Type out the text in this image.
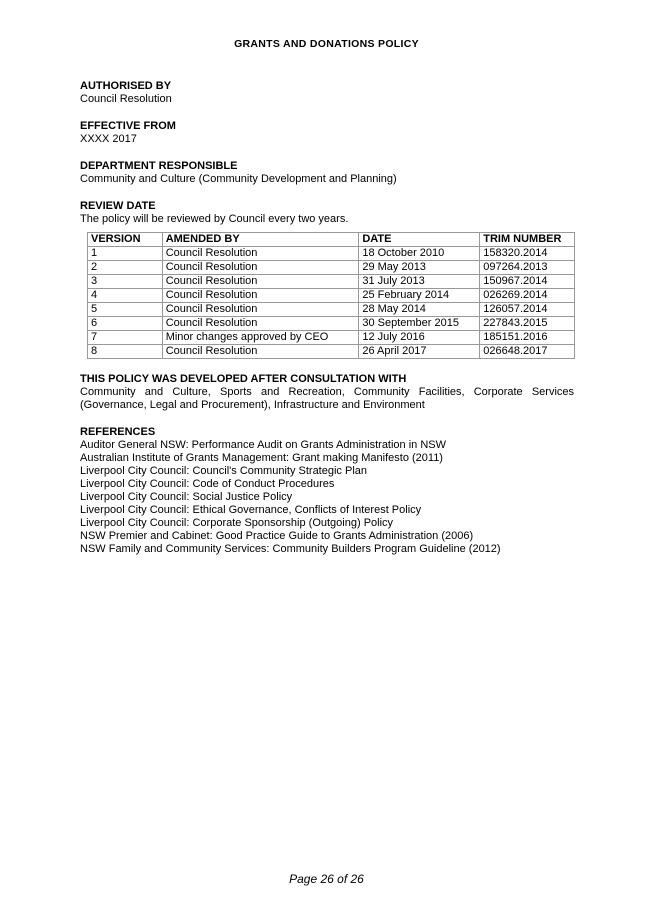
GRANTS AND DONATIONS POLICY
AUTHORISED BY
Council Resolution
EFFECTIVE FROM
XXXX 2017
DEPARTMENT RESPONSIBLE
Community and Culture (Community Development and Planning)
REVIEW DATE
The policy will be reviewed by Council every two years.
VERSION	AMENDED BY	DATE	TRIM NUMBER
1	Council Resolution	18 October 2010	158320.2014
2	Council Resolution	29 May 2013	097264.2013
3	Council Resolution	31 July 2013	150967.2014
4	Council Resolution	25 February 2014	026269.2014
5	Council Resolution	28 May 2014	126057.2014
6	Council Resolution	30 September 2015	227843.2015
7	Minor changes approved by CEO	12 July 2016	185151.2016
8	Council Resolution	26 April 2017	026648.2017
THIS POLICY WAS DEVELOPED AFTER CONSULTATION WITH
Community and Culture, Sports and Recreation, Community Facilities, Corporate Services
(Governance, Legal and Procurement), Infrastructure and Environment
REFERENCES
Auditor General NSW: Performance Audit on Grants Administration in NSW
Australian Institute of Grants Management: Grant making Manifesto (2011)
Liverpool City Council: Council's Community Strategic Plan
Liverpool City Council: Code of Conduct Procedures
Liverpool City Council: Social Justice Policy
Liverpool City Council: Ethical Governance, Conflicts of Interest Policy
Liverpool City Council: Corporate Sponsorship (Outgoing) Policy
NSW Premier and Cabinet: Good Practice Guide to Grants Administration (2006)
NSW Family and Community Services: Community Builders Program Guideline (2012)
Page 26 of 26
